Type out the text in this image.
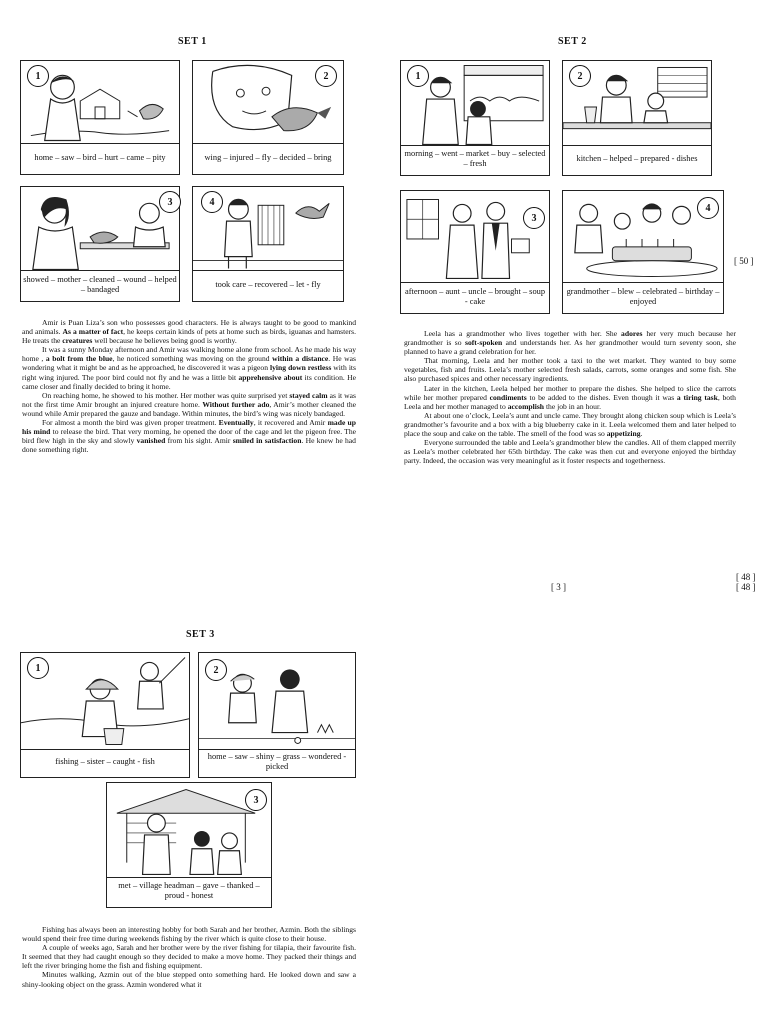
SET 1
1
home – saw – bird – hurt – came – pity
2
wing – injured – fly – decided – bring
3
showed – mother – cleaned – wound – helped – bandaged
4
took care – recovered – let - fly

Amir is Puan Liza’s son who possesses good characters. He is always taught to be good to mankind and animals. As a matter of fact, he keeps certain kinds of pets at home such as birds, iguanas and hamsters. He treats the creatures well because he believes being good is worthy.

It was a sunny Monday afternoon and Amir was walking home alone from school. As he made his way home , a bolt from the blue, he noticed something was moving on the ground within a distance. He was wondering what it might be and as he approached, he discovered it was a pigeon lying down restless with its right wing injured. The poor bird could not fly and he was a little bit apprehensive about its condition. He came closer and finally decided to bring it home.

On reaching home, he showed to his mother. Her mother was quite surprised yet stayed calm as it was not the first time Amir brought an injured creature home. Without further ado, Amir’s mother cleaned the wound while Amir prepared the gauze and bandage. Within minutes, the bird’s wing was nicely bandaged.

For almost a month the bird was given proper treatment. Eventually, it recovered and Amir made up his mind to release the bird. That very morning, he opened the door of the cage and let the pigeon free. The bird flew high in the sky and slowly vanished from his sight. Amir smiled in satisfaction. He knew he had done something right.

SET 2
1
morning – went – market – buy – selected – fresh
2
kitchen – helped – prepared - dishes
3
afternoon – aunt – uncle – brought – soup - cake
4
grandmother – blew – celebrated – birthday – enjoyed
[ 50 ]

Leela has a grandmother who lives together with her. She adores her very much because her grandmother is so soft-spoken and understands her. As her grandmother would turn seventy soon, she planned to have a grand celebration for her.

That morning, Leela and her mother took a taxi to the wet market. They wanted to buy some vegetables, fish and fruits. Leela’s mother selected fresh salads, carrots, some oranges and some fish. She also purchased spices and other necessary ingredients.

Later in the kitchen, Leela helped her mother to prepare the dishes. She helped to slice the carrots while her mother prepared condiments to be added to the dishes. Even though it was a tiring task, both Leela and her mother managed to accomplish the job in an hour.

At about one o’clock, Leela’s aunt and uncle came. They brought along chicken soup which is Leela’s grandmother’s favourite and a box with a big blueberry cake in it. Leela welcomed them and later helped to place the soup and cake on the table. The smell of the food was so appetizing.

Everyone surrounded the table and Leela’s grandmother blew the candles. All of them clapped merrily as Leela’s mother celebrated her 65th birthday. The cake was then cut and everyone enjoyed the birthday party. Indeed, the occasion was very meaningful as it foster respects and togetherness.

[ 3 ]
[ 48 ]
[ 48 ]
SET 3
1
fishing – sister – caught - fish
2
home – saw – shiny – grass – wondered - picked
3
met – village headman – gave – thanked – proud - honest

Fishing has always been an interesting hobby for both Sarah and her brother, Azmin. Both the siblings would spend their free time during weekends fishing by the river which is quite close to their house.

A couple of weeks ago, Sarah and her brother were by the river fishing for tilapia, their favourite fish. It seemed that they had caught enough so they decided to make a move home. They packed their things and left the river bringing home the fish and fishing equipment.

Minutes walking, Azmin out of the blue stepped onto something hard. He looked down and saw a shiny-looking object on the grass. Azmin wondered what it
